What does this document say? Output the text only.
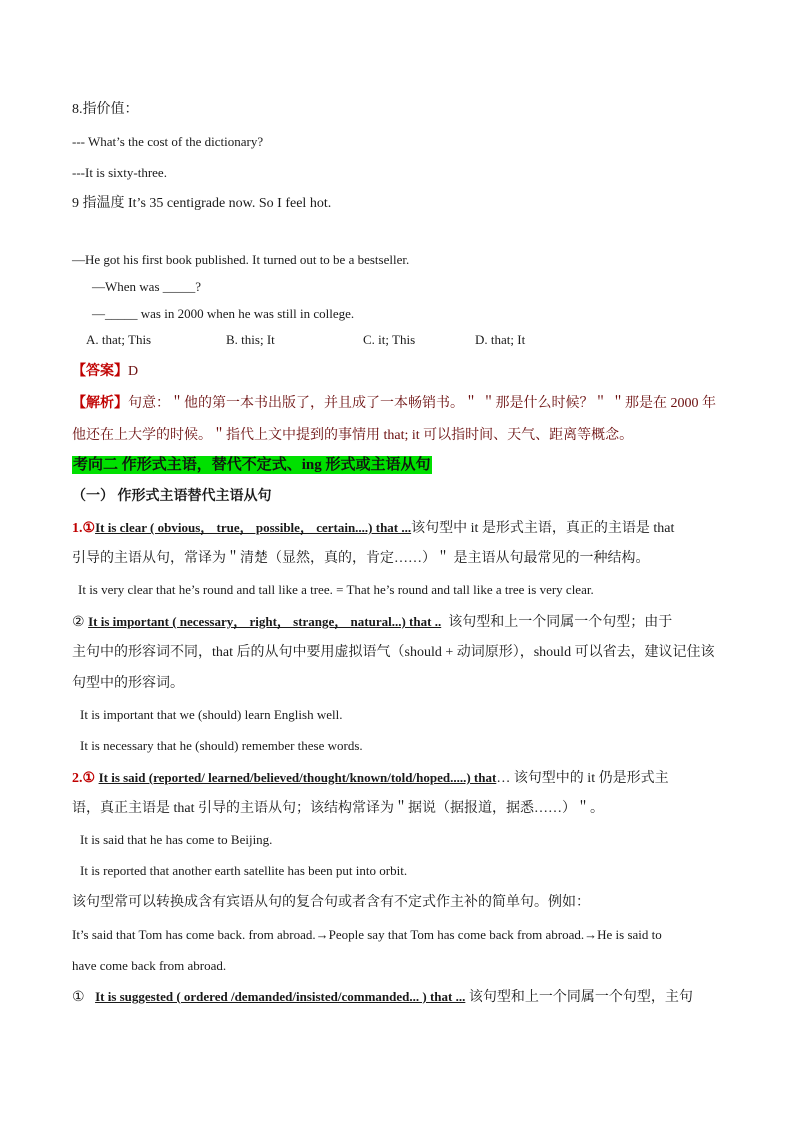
8.指价值：
--- What’s the cost of the dictionary?
---It is sixty-three.
9 指温度 It’s 35 centigrade now. So I feel hot.
—He got his first book published. It turned out to be a bestseller.
—When was _____?
—_____ was in 2000 when he was still in college.
A. that; This	B. this; It	C. it; This	D. that; It
【答案】D
【解析】句意：＂他的第一本书出版了，并且成了一本畅销书。＂ ＂那是什么时候？＂ ＂那是在 2000 年
他还在上大学的时候。＂指代上文中提到的事情用 that; it 可以指时间、天气、距离等概念。
考向二 作形式主语，替代不定式、ing 形式或主语从句
（一） 作形式主语替代主语从句
1.①It is clear ( obvious， true， possible， certain....) that ...该句型中 it 是形式主语，真正的主语是 that
引导的主语从句，常译为＂清楚（显然，真的，肯定……）＂ 是主语从句最常见的一种结构。
It is very clear that he’s round and tall like a tree. = That he’s round and tall like a tree is very clear.
② It is important ( necessary， right， strange， natural...) that .. 该句型和上一个同属一个句型；由于
主句中的形容词不同，that 后的从句中要用虚拟语气（should + 动词原形），should 可以省去，建议记住该
句型中的形容词。
It is important that we (should) learn English well.
It is necessary that he (should) remember these words.
2.① It is said (reported/ learned/believed/thought/known/told/hoped.....) that… 该句型中的 it 仍是形式主
语，真正主语是 that 引导的主语从句；该结构常译为＂据说（据报道，据悉……）＂。
It is said that he has come to Beijing.
It is reported that another earth satellite has been put into orbit.
该句型常可以转换成含有宾语从句的复合句或者含有不定式作主补的简单句。例如：
It’s said that Tom has come back. from abroad.→People say that Tom has come back from abroad.→He is said to
have come back from abroad.
① It is suggested ( ordered /demanded/insisted/commanded... ) that ... 该句型和上一个同属一个句型，主句
